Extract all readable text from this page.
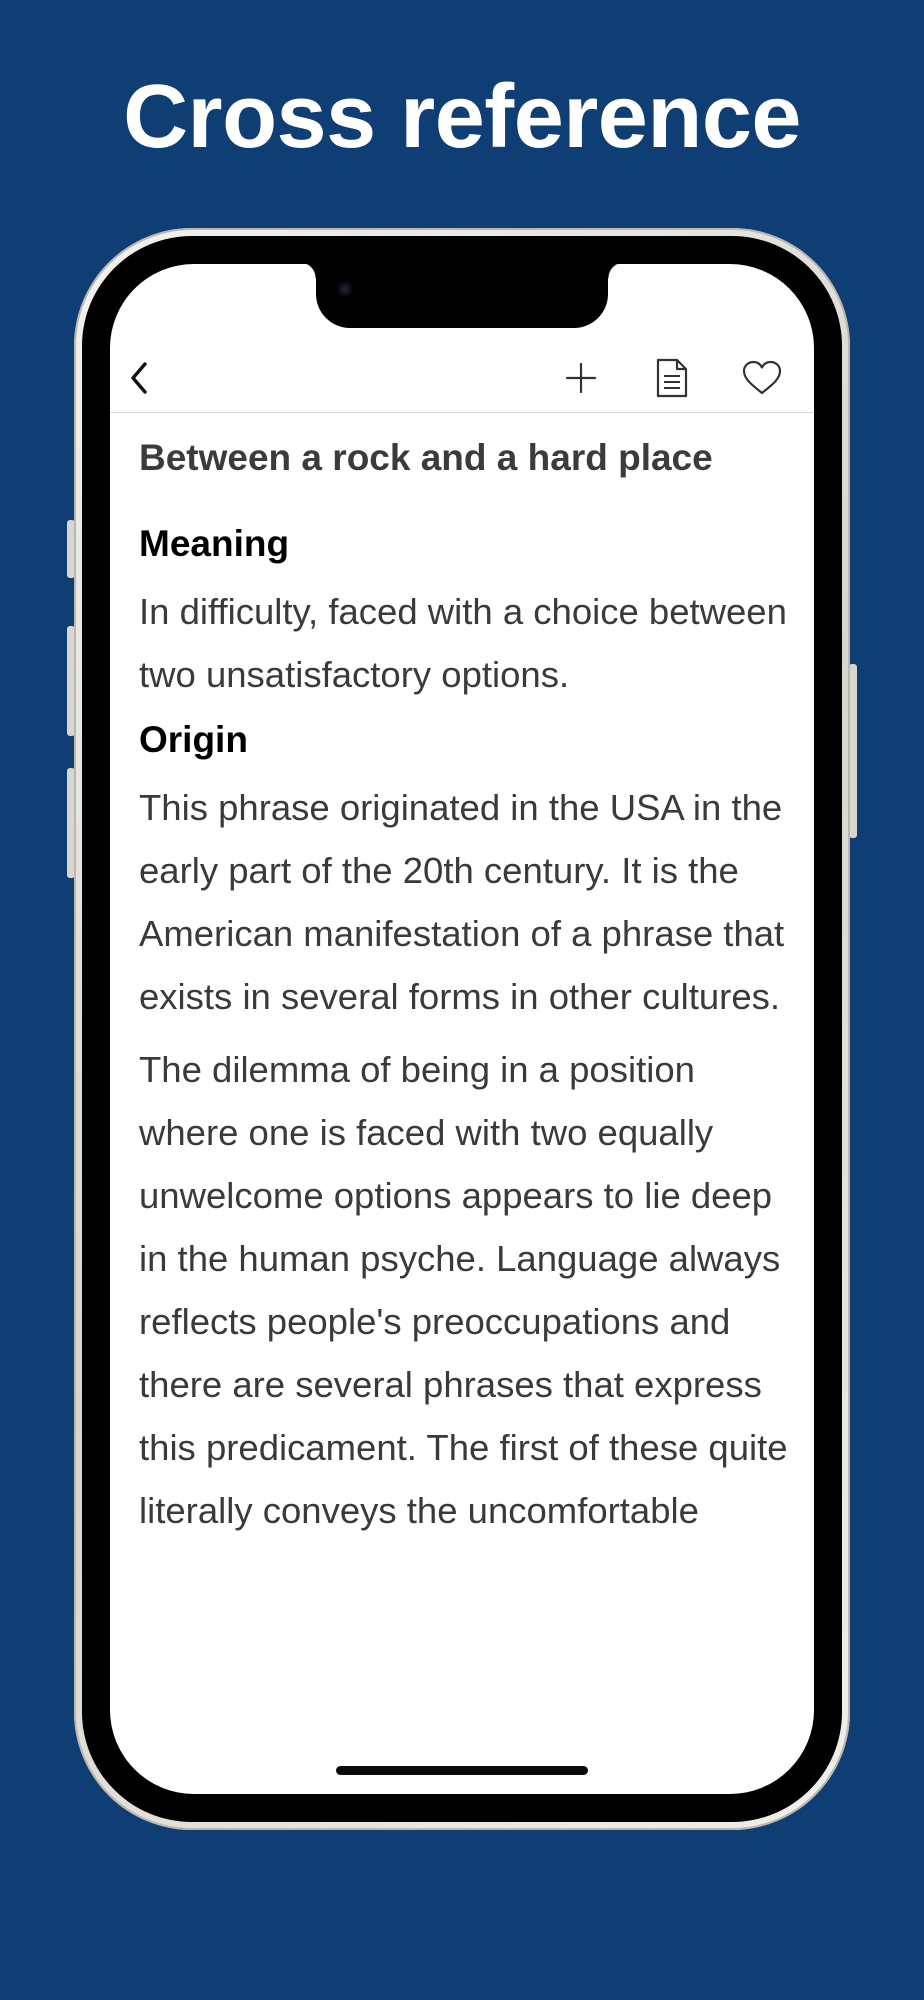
Cross reference
Between a rock and a hard place
Meaning

In difficulty, faced with a choice between two unsatisfactory options.

Origin

This phrase originated in the USA in the early part of the 20th century. It is the American manifestation of a phrase that exists in several forms in other cultures.

The dilemma of being in a position where one is faced with two equally unwelcome options appears to lie deep in the human psyche. Language always reflects people's preoccupations and there are several phrases that express this predicament. The first of these quite literally conveys the uncomfortable
